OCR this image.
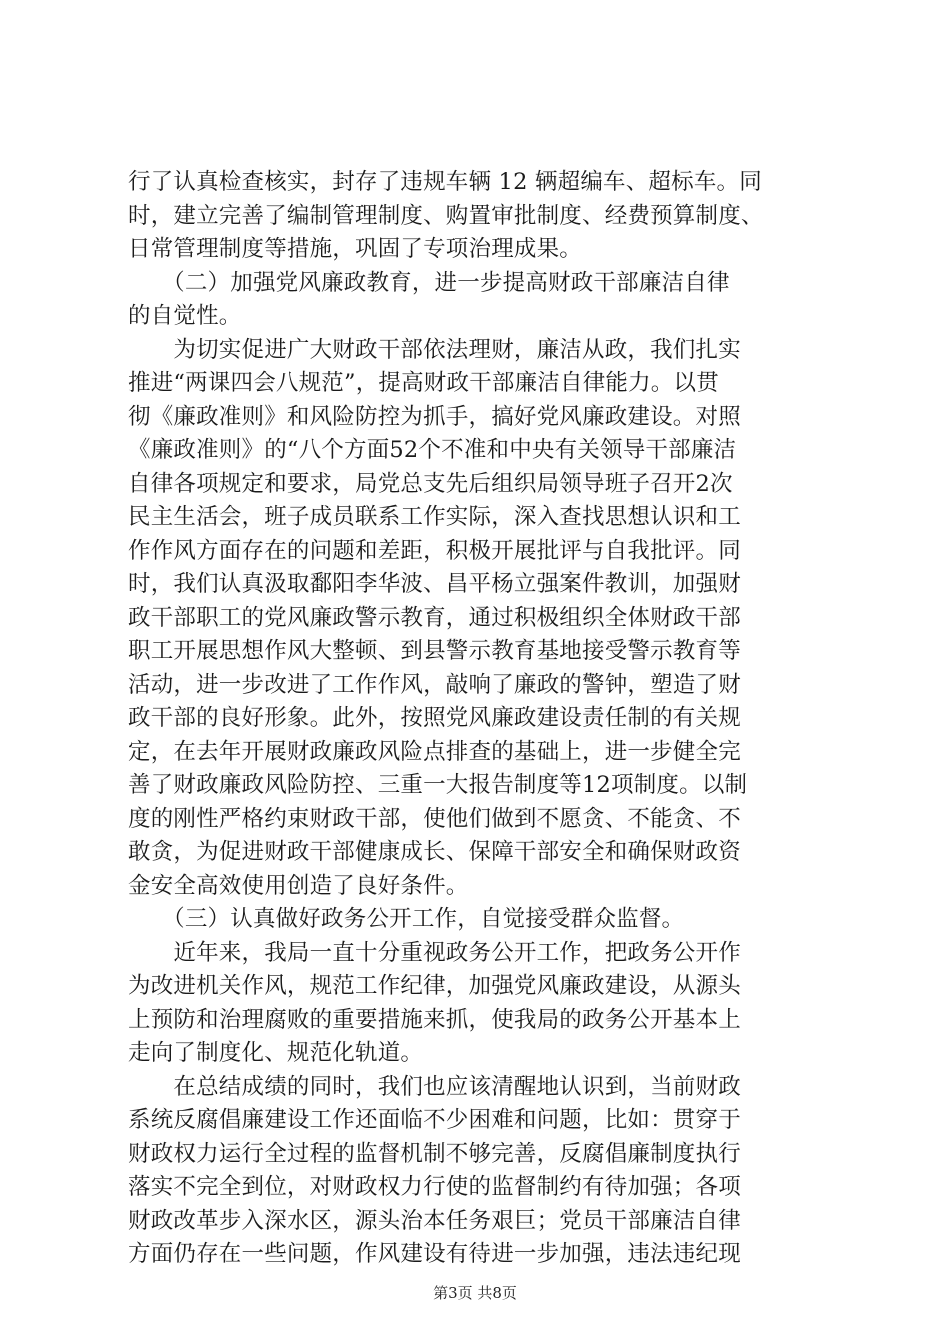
行了认真检查核实，封存了违规车辆 12 辆超编车、超标车。同
时，建立完善了编制管理制度、购置审批制度、经费预算制度、
日常管理制度等措施，巩固了专项治理成果。
　　（二）加强党风廉政教育，进一步提高财政干部廉洁自律
的自觉性。
　　为切实促进广大财政干部依法理财，廉洁从政，我们扎实
推进“两课四会八规范”，提高财政干部廉洁自律能力。以贯
彻《廉政准则》和风险防控为抓手，搞好党风廉政建设。对照
《廉政准则》的“八个方面52个不准和中央有关领导干部廉洁
自律各项规定和要求，局党总支先后组织局领导班子召开2次
民主生活会，班子成员联系工作实际，深入查找思想认识和工
作作风方面存在的问题和差距，积极开展批评与自我批评。同
时，我们认真汲取鄱阳李华波、昌平杨立强案件教训，加强财
政干部职工的党风廉政警示教育，通过积极组织全体财政干部
职工开展思想作风大整顿、到县警示教育基地接受警示教育等
活动，进一步改进了工作作风，敲响了廉政的警钟，塑造了财
政干部的良好形象。此外，按照党风廉政建设责任制的有关规
定，在去年开展财政廉政风险点排查的基础上，进一步健全完
善了财政廉政风险防控、三重一大报告制度等12项制度。以制
度的刚性严格约束财政干部，使他们做到不愿贪、不能贪、不
敢贪，为促进财政干部健康成长、保障干部安全和确保财政资
金安全高效使用创造了良好条件。
　　（三）认真做好政务公开工作，自觉接受群众监督。
　　近年来，我局一直十分重视政务公开工作，把政务公开作
为改进机关作风，规范工作纪律，加强党风廉政建设，从源头
上预防和治理腐败的重要措施来抓，使我局的政务公开基本上
走向了制度化、规范化轨道。
　　在总结成绩的同时，我们也应该清醒地认识到，当前财政
系统反腐倡廉建设工作还面临不少困难和问题，比如：贯穿于
财政权力运行全过程的监督机制不够完善，反腐倡廉制度执行
落实不完全到位，对财政权力行使的监督制约有待加强；各项
财政改革步入深水区，源头治本任务艰巨；党员干部廉洁自律
方面仍存在一些问题，作风建设有待进一步加强，违法违纪现
第3页 共8页
